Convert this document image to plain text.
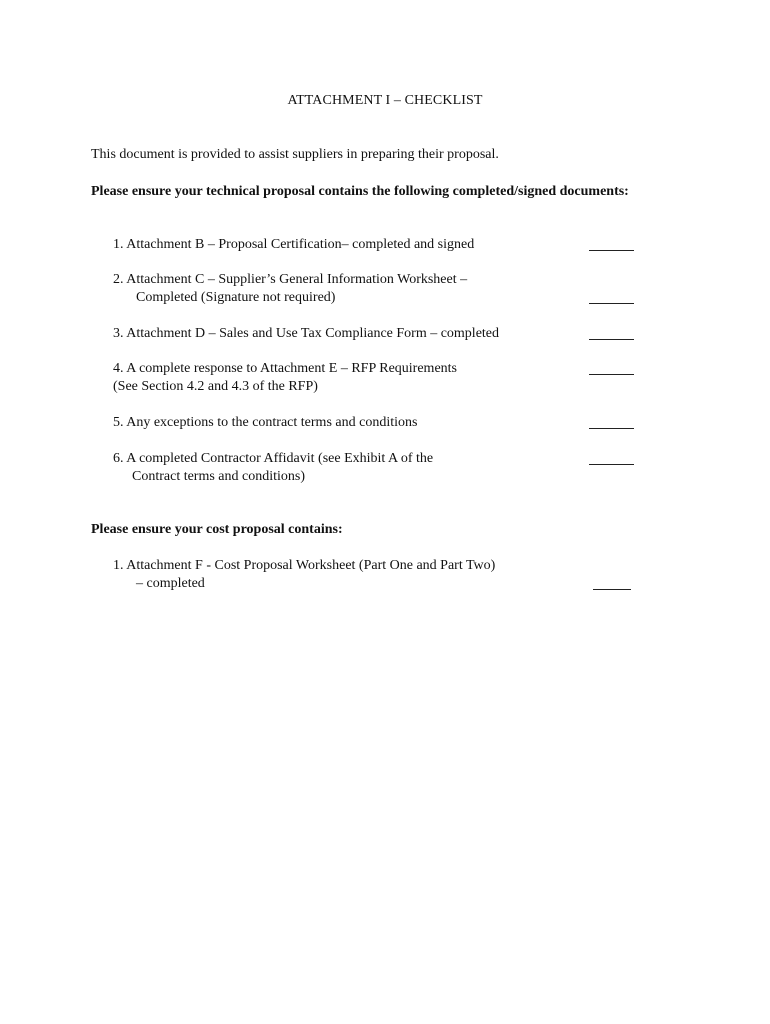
ATTACHMENT I – CHECKLIST
This document is provided to assist suppliers in preparing their proposal.
Please ensure your technical proposal contains the following completed/signed documents:
1. Attachment B – Proposal Certification– completed and signed
2. Attachment C – Supplier’s General Information Worksheet –
Completed (Signature not required)
3. Attachment D – Sales and Use Tax Compliance Form – completed
4. A complete response to Attachment E – RFP Requirements
(See Section 4.2 and 4.3 of the RFP)
5. Any exceptions to the contract terms and conditions
6. A completed Contractor Affidavit (see Exhibit A of the
Contract terms and conditions)
Please ensure your cost proposal contains:
1. Attachment F - Cost Proposal Worksheet (Part One and Part Two)
– completed
